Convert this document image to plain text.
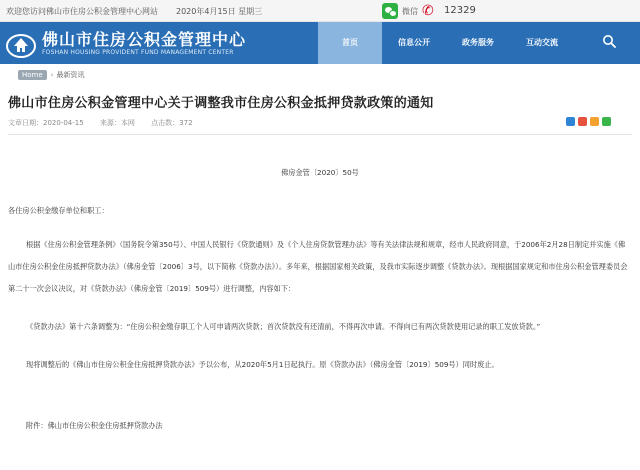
欢迎您访问佛山市住房公积金管理中心网站 2020年4月15日 星期三	微信 ✆ 12329
佛山市住房公积金管理中心
FOSHAN HOUSING PROVIDENT FUND MANAGEMENT CENTER
首页	信息公开	政务服务	互动交流
Home	› 最新资讯
佛山市住房公积金管理中心关于调整我市住房公积金抵押贷款政策的通知
文章日期：2020-04-15 来源：本网 点击数：372

佛房金管〔2020〕50号

各住房公积金缴存单位和职工：

根据《住房公积金管理条例》（国务院令第350号）、中国人民银行《贷款通则》及《个人住房贷款管理办法》等有关法律法规和规章，经市人民政府同意，于2006年2月28日制定并实施《佛山市住房公积金住房抵押贷款办法》（佛房金管〔2006〕3号，以下简称《贷款办法》）。多年来，根据国家相关政策，及我市实际逐步调整《贷款办法》。现根据国家规定和市住房公积金管理委员会第二十一次会议决议，对《贷款办法》（佛房金管〔2019〕509号）进行调整，内容如下：

《贷款办法》第十六条调整为：“住房公积金缴存职工个人可申请两次贷款；首次贷款没有还清前，不得再次申请。不得向已有两次贷款使用记录的职工发放贷款。”

现将调整后的《佛山市住房公积金住房抵押贷款办法》予以公布，从2020年5月1日起执行。原《贷款办法》（佛房金管〔2019〕509号）同时废止。

附件：佛山市住房公积金住房抵押贷款办法
